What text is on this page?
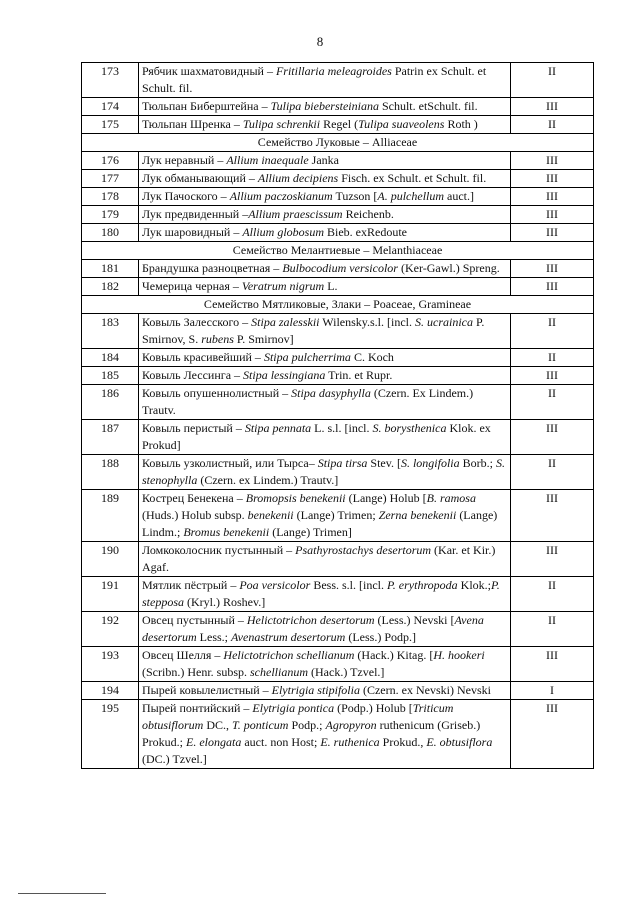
8
173	Рябчик шахматовидный – Fritillaria meleagroides Patrin ex Schult. et Schult. fil.	II
174	Тюльпан Биберштейна – Tulipa biebersteiniana Schult. etSchult. fil.	III
175	Тюльпан Шренка – Tulipa schrenkii Regel (Tulipa suaveolens Roth )	II
Семейство Луковые – Alliaceae		
176	Лук неравный – Allium inaequale Janka	III
177	Лук обманывающий – Allium decipiens Fisch. ex Schult. et Schult. fil.	III
178	Лук Пачоского – Allium paczoskianum Tuzson [A. pulchellum auct.]	III
179	Лук предвиденный –Allium praescissum Reichenb.	III
180	Лук шаровидный – Allium globosum Bieb. exRedoute	III
Семейство Мелантиевые – Melanthiaceae		
181	Брандушка разноцветная – Bulbocodium versicolor (Ker-Gawl.) Spreng.	III
182	Чемерица черная – Veratrum nigrum L.	III
Семейство Мятликовые, Злаки – Poaceae, Gramineae		
183	Ковыль Залесского – Stipa zalesskii Wilensky.s.l. [incl. S. ucrainica P. Smirnov, S. rubens P. Smirnov]	II
184	Ковыль красивейший – Stipa pulcherrima C. Koch	II
185	Ковыль Лессинга – Stipa lessingiana Trin. et Rupr.	III
186	Ковыль опушеннолистный – Stipa dasyphylla (Czern. Ex Lindem.) Trautv.	II
187	Ковыль перистый – Stipa pennata L. s.l. [incl. S. borysthenica Klok. ex Prokud]	III
188	Ковыль узколистный, или Тырса– Stipa tirsa Stev. [S. longifolia Borb.; S. stenophylla (Czern. ex Lindem.) Trautv.]	II
189	Кострец Бенекена – Bromopsis benekenii (Lange) Holub [B. ramosa (Huds.) Holub subsp. benekenii (Lange) Trimen; Zerna benekenii (Lange) Lindm.; Bromus benekenii (Lange) Trimen]	III
190	Ломкоколосник пустынный – Psathyrostachys desertorum (Kar. et Kir.) Agaf.	III
191	Мятлик пёстрый – Poa versicolor Bess. s.l. [incl. P. erythropoda Klok.;P. stepposa (Kryl.) Roshev.]	II
192	Овсец пустынный – Helictotrichon desertorum (Less.) Nevski [Avena desertorum Less.; Avenastrum desertorum (Less.) Podp.]	II
193	Овсец Шелля – Helictotrichon schellianum (Hack.) Kitag. [H. hookeri (Scribn.) Henr. subsp. schellianum (Hack.) Tzvel.]	III
194	Пырей ковылелистный – Elytrigia stipifolia (Czern. ex Nevski) Nevski	I
195	Пырей понтийский – Elytrigia pontica (Podp.) Holub [Triticum obtusiflorum DC., T. ponticum Podp.; Agropyron ruthenicum (Griseb.) Prokud.; E. elongata auct. non Host; E. ruthenica Prokud., E. obtusiflora (DC.) Tzvel.]	III
